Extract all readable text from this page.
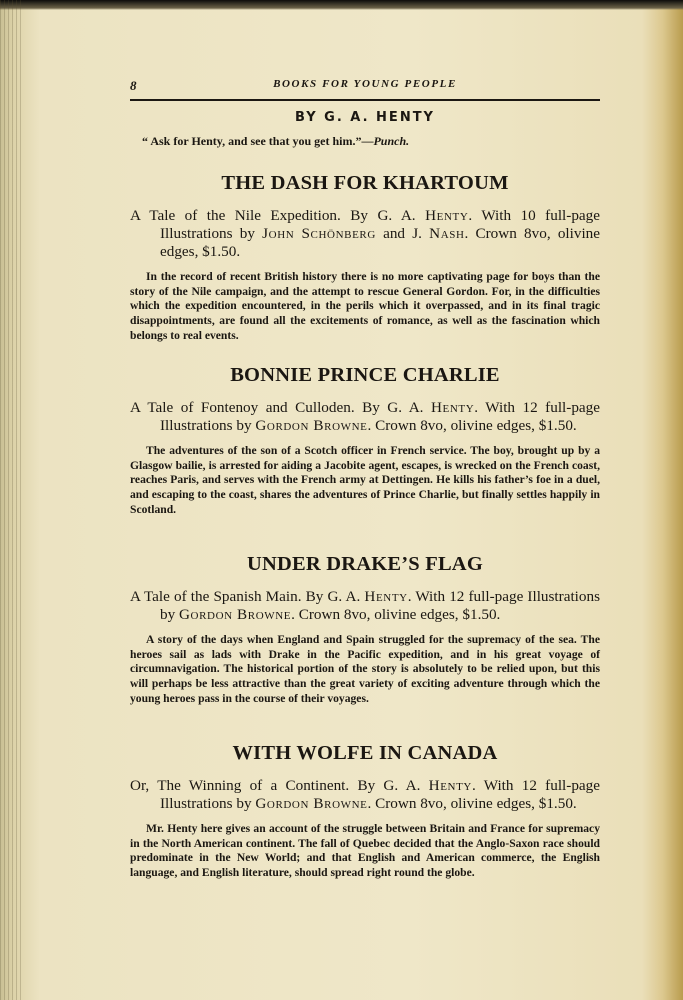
8	BOOKS FOR YOUNG PEOPLE
BY G. A. HENTY
“ Ask for Henty, and see that you get him.”—Punch.
THE DASH FOR KHARTOUM

A Tale of the Nile Expedition. By G. A. Henty. With 10 full-page Illustrations by John Schönberg and J. Nash. Crown 8vo, olivine edges, $1.50.

In the record of recent British history there is no more captivating page for boys than the story of the Nile campaign, and the attempt to rescue General Gordon. For, in the difficulties which the expedition encountered, in the perils which it overpassed, and in its final tragic disappointments, are found all the excitements of romance, as well as the fascination which belongs to real events.

BONNIE PRINCE CHARLIE

A Tale of Fontenoy and Culloden. By G. A. Henty. With 12 full-page Illustrations by Gordon Browne. Crown 8vo, olivine edges, $1.50.

The adventures of the son of a Scotch officer in French service. The boy, brought up by a Glasgow bailie, is arrested for aiding a Jacobite agent, escapes, is wrecked on the French coast, reaches Paris, and serves with the French army at Dettingen. He kills his father’s foe in a duel, and escaping to the coast, shares the adventures of Prince Charlie, but finally settles happily in Scotland.

UNDER DRAKE’S FLAG

A Tale of the Spanish Main. By G. A. Henty. With 12 full-page Illustrations by Gordon Browne. Crown 8vo, olivine edges, $1.50.

A story of the days when England and Spain struggled for the supremacy of the sea. The heroes sail as lads with Drake in the Pacific expedition, and in his great voyage of circumnavigation. The historical portion of the story is absolutely to be relied upon, but this will perhaps be less attractive than the great variety of exciting adventure through which the young heroes pass in the course of their voyages.

WITH WOLFE IN CANADA

Or, The Winning of a Continent. By G. A. Henty. With 12 full-page Illustrations by Gordon Browne. Crown 8vo, olivine edges, $1.50.

Mr. Henty here gives an account of the struggle between Britain and France for supremacy in the North American continent. The fall of Quebec decided that the Anglo-Saxon race should predominate in the New World; and that English and American commerce, the English language, and English literature, should spread right round the globe.
